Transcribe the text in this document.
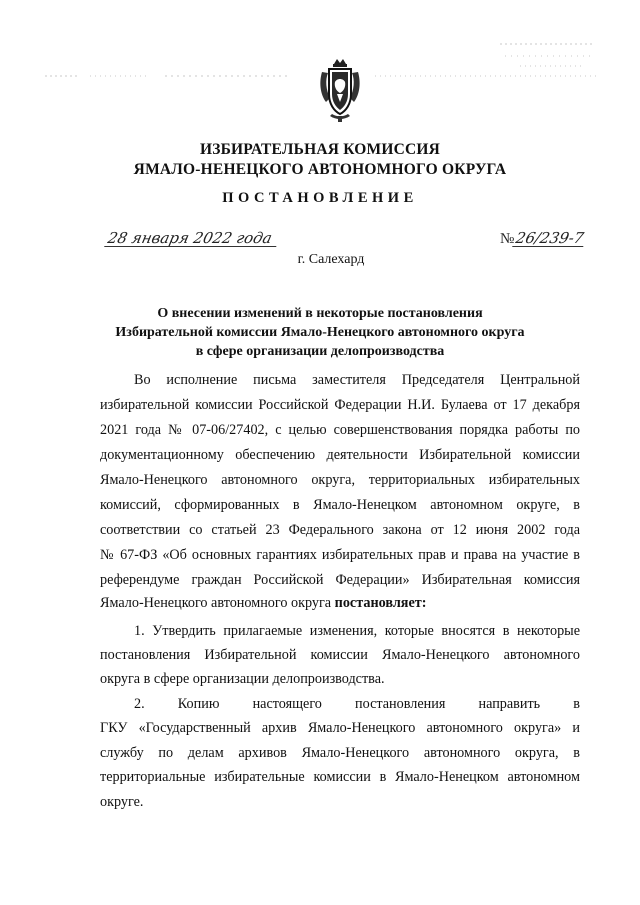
ИЗБИРАТЕЛЬНАЯ КОМИССИЯ
ЯМАЛО-НЕНЕЦКОГО АВТОНОМНОГО ОКРУГА
ПОСТАНОВЛЕНИЕ
28 января 2022 года	№26/239-7
г. Салехард
О внесении изменений в некоторые постановления
Избирательной комиссии Ямало-Ненецкого автономного округа
в сфере организации делопроизводства
Во исполнение письма заместителя Председателя Центральной
избирательной комиссии Российской Федерации Н.И. Булаева от 17 декабря
2021 года № 07-06/27402, с целью совершенствования порядка работы по
документационному обеспечению деятельности Избирательной комиссии
Ямало-Ненецкого автономного округа, территориальных избирательных
комиссий, сформированных в Ямало-Ненецком автономном округе, в
соответствии со статьей 23 Федерального закона от 12 июня 2002 года
№ 67-ФЗ «Об основных гарантиях избирательных прав и права на участие в
референдуме граждан Российской Федерации» Избирательная комиссия
Ямало-Ненецкого автономного округа постановляет:
1. Утвердить прилагаемые изменения, которые вносятся в некоторые
постановления Избирательной комиссии Ямало-Ненецкого автономного
округа в сфере организации делопроизводства.
2. Копию настоящего постановления направить в
ГКУ «Государственный архив Ямало-Ненецкого автономного округа» и
службу по делам архивов Ямало-Ненецкого автономного округа, в
территориальные избирательные комиссии в Ямало-Ненецком автономном
округе.
